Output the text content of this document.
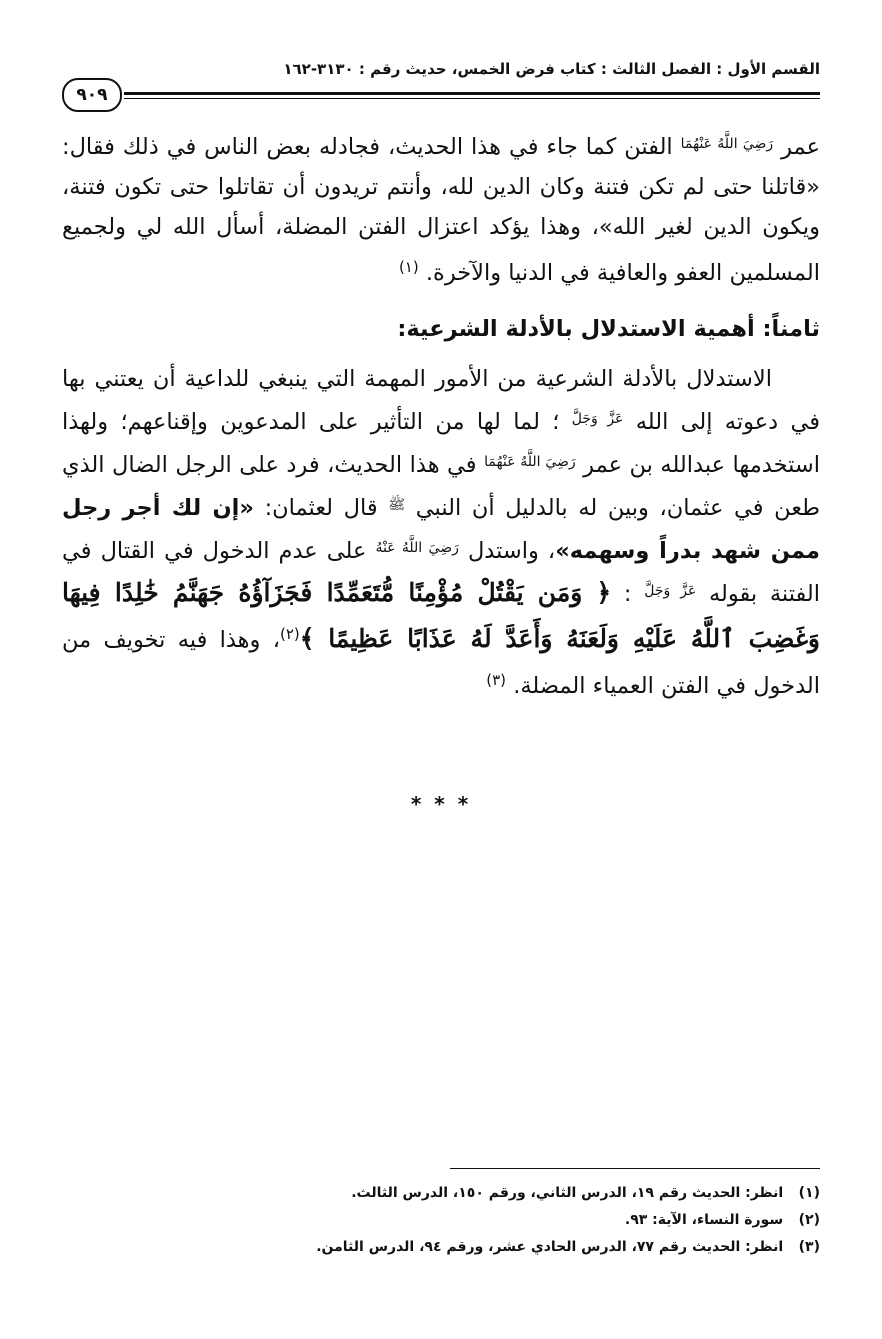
القسم الأول : الفصل الثالث : كتاب فرض الخمس، حديث رقم : ٣١٣٠-١٦٢
٩٠٩

عمر $^{رَضِيَ اللَّهُ عَنْهُمَا}$ الفتن كما جاء في هذا الحديث، فجادله بعض الناس في ذلك فقال: «قاتلنا حتى لم تكن فتنة وكان الدين لله، وأنتم تريدون أن تقاتلوا حتى تكون فتنة، ويكون الدين لغير الله»، وهذا يؤكد اعتزال الفتن المضلة، أسأل الله لي ولجميع المسلمين العفو والعافية في الدنيا والآخرة. $^{(١)}$

ثامناً: أهمية الاستدلال بالأدلة الشرعية:

الاستدلال بالأدلة الشرعية من الأمور المهمة التي ينبغي للداعية أن يعتني بها في دعوته إلى الله $^{عَزَّ وَجَلَّ}$ ؛ لما لها من التأثير على المدعوين وإقناعهم؛ ولهذا استخدمها عبدالله بن عمر $^{رَضِيَ اللَّهُ عَنْهُمَا}$ في هذا الحديث، فرد على الرجل الضال الذي طعن في عثمان، وبين له بالدليل أن النبي $^ﷺ$ قال لعثمان: «إن لك أجر رجل ممن شهد بدراً وسهمه»، واستدل $^{رَضِيَ اللَّهُ عَنْهُ}$ على عدم الدخول في القتال في الفتنة بقوله $^{عَزَّ وَجَلَّ}$ : ﴿ وَمَن يَقْتُلْ مُؤْمِنًا مُّتَعَمِّدًا فَجَزَآؤُهُ جَهَنَّمُ خَٰلِدًا فِيهَا وَغَضِبَ ٱللَّهُ عَلَيْهِ وَلَعَنَهُ وَأَعَدَّ لَهُ عَذَابًا عَظِيمًا ﴾$^{(٢)}$، وهذا فيه تخويف من الدخول في الفتن العمياء المضلة. $^{(٣)}$

* * *
(١) انظر: الحديث رقم ١٩، الدرس الثاني، ورقم ١٥٠، الدرس الثالث.
(٢) سورة النساء، الآية: ٩٣.
(٣) انظر: الحديث رقم ٧٧، الدرس الحادي عشر، ورقم ٩٤، الدرس الثامن.
